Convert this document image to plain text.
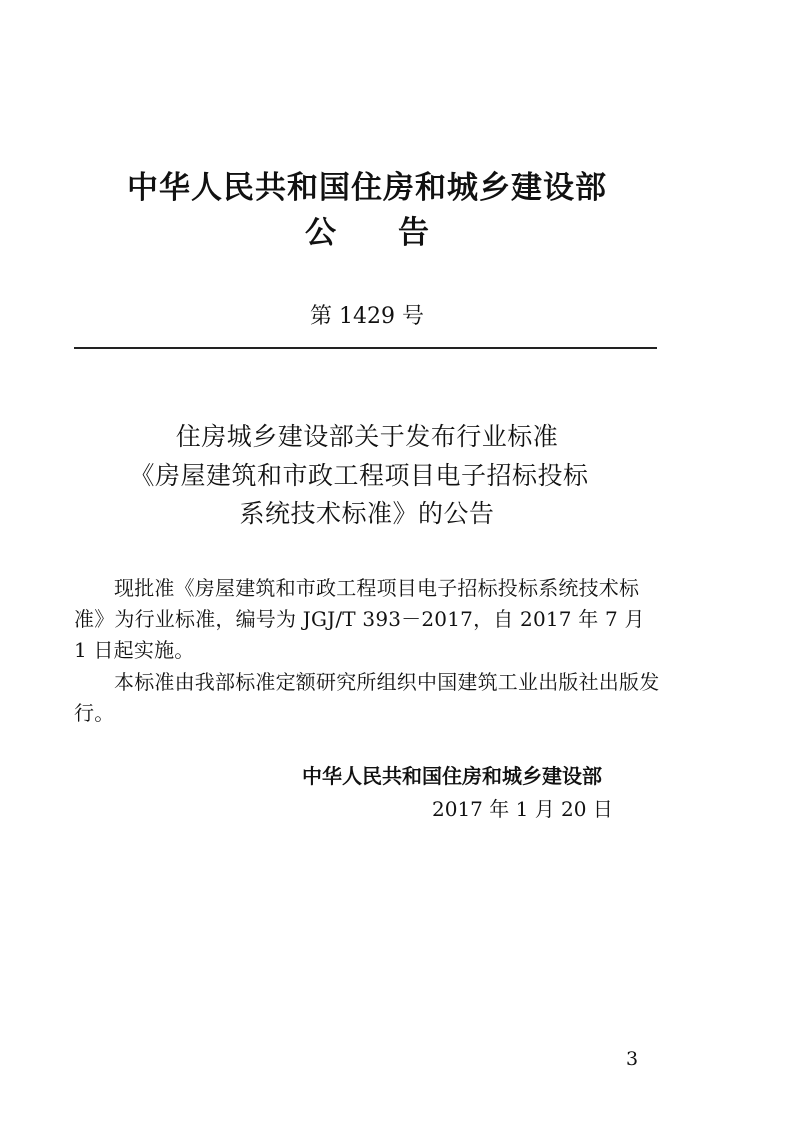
中华人民共和国住房和城乡建设部
公 告
第 1429 号
住房城乡建设部关于发布行业标准
《房屋建筑和市政工程项目电子招标投标
系统技术标准》的公告
现批准《房屋建筑和市政工程项目电子招标投标系统技术标准》为行业标准，编号为 JGJ/T 393－2017，自 2017 年 7 月 1 日起实施。
本标准由我部标准定额研究所组织中国建筑工业出版社出版发行。
中华人民共和国住房和城乡建设部
2017 年 1 月 20 日
3
